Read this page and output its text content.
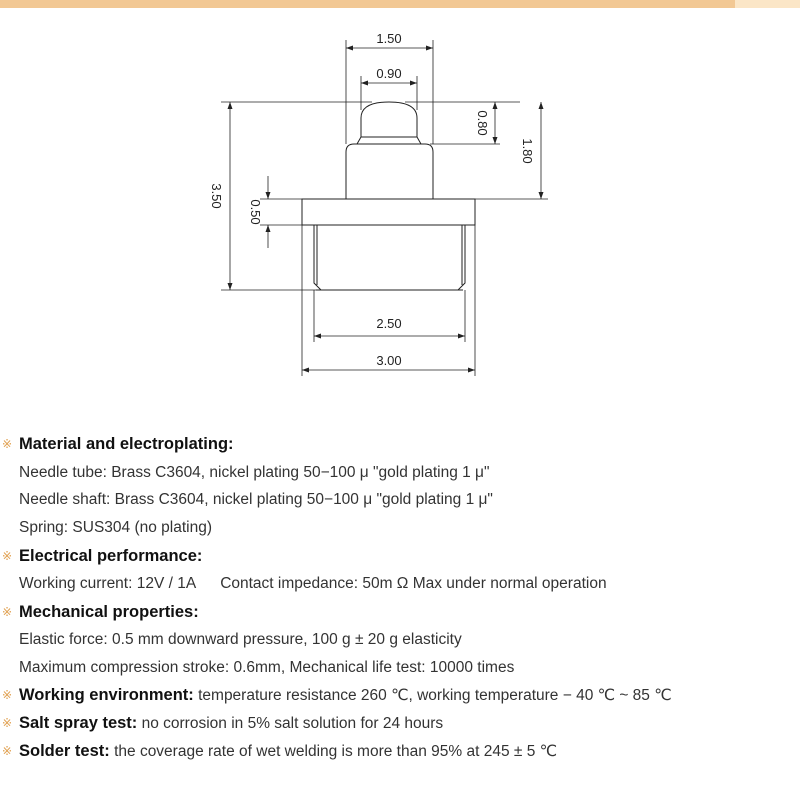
1.50
0.90
0.80
1.80
3.50
0.50
2.50
3.00
※ Material and electroplating:
Needle tube: Brass C3604, nickel plating 50−100 μ "gold plating 1 μ"
Needle shaft: Brass C3604, nickel plating 50−100 μ "gold plating 1 μ"
Spring: SUS304 (no plating)
※ Electrical performance:
Working current: 12V / 1A Contact impedance: 50m Ω Max under normal operation
※ Mechanical properties:
Elastic force: 0.5 mm downward pressure, 100 g ± 20 g elasticity
Maximum compression stroke: 0.6mm, Mechanical life test: 10000 times
※ Working environment: temperature resistance 260 ℃, working temperature − 40 ℃ ~ 85 ℃
※ Salt spray test: no corrosion in 5% salt solution for 24 hours
※ Solder test: the coverage rate of wet welding is more than 95% at 245 ± 5 ℃
